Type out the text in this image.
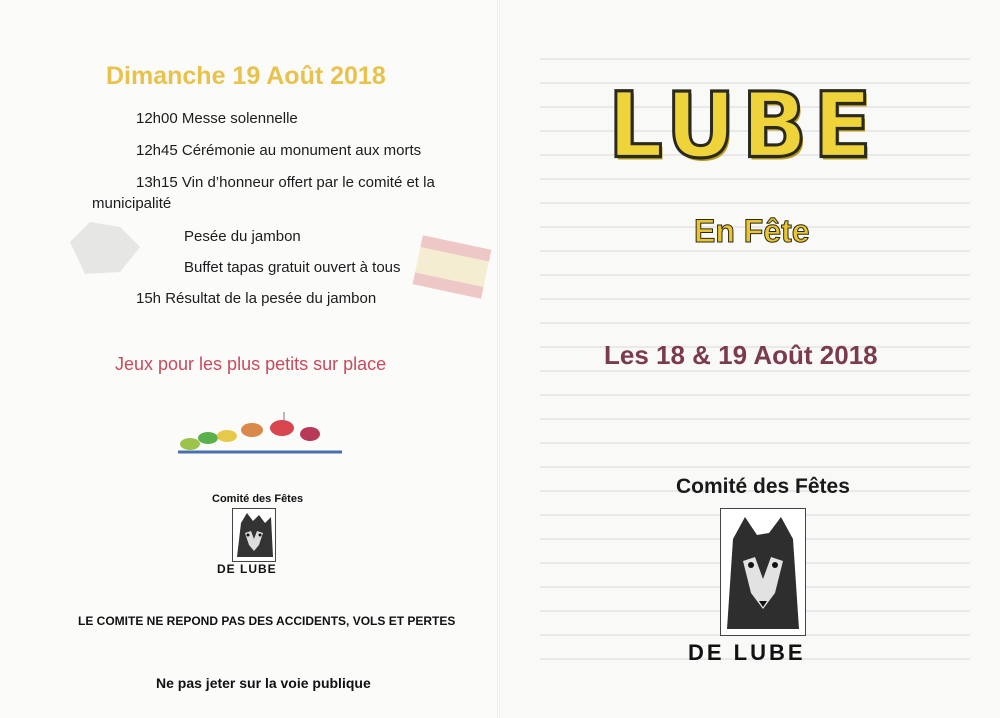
Dimanche 19 Août 2018
12h00 Messe solennelle
12h45 Cérémonie au monument aux morts
13h15 Vin d’honneur offert par le comité et la
municipalité
Pesée du jambon
Buffet tapas gratuit ouvert à tous
15h Résultat de la pesée du jambon
Jeux pour les plus petits sur place
Comité des Fêtes
DE LUBE
LE COMITE NE REPOND PAS DES ACCIDENTS, VOLS ET PERTES
Ne pas jeter sur la voie publique
LUBE
En Fête
Les 18 & 19 Août 2018
Comité des Fêtes
DE LUBE
